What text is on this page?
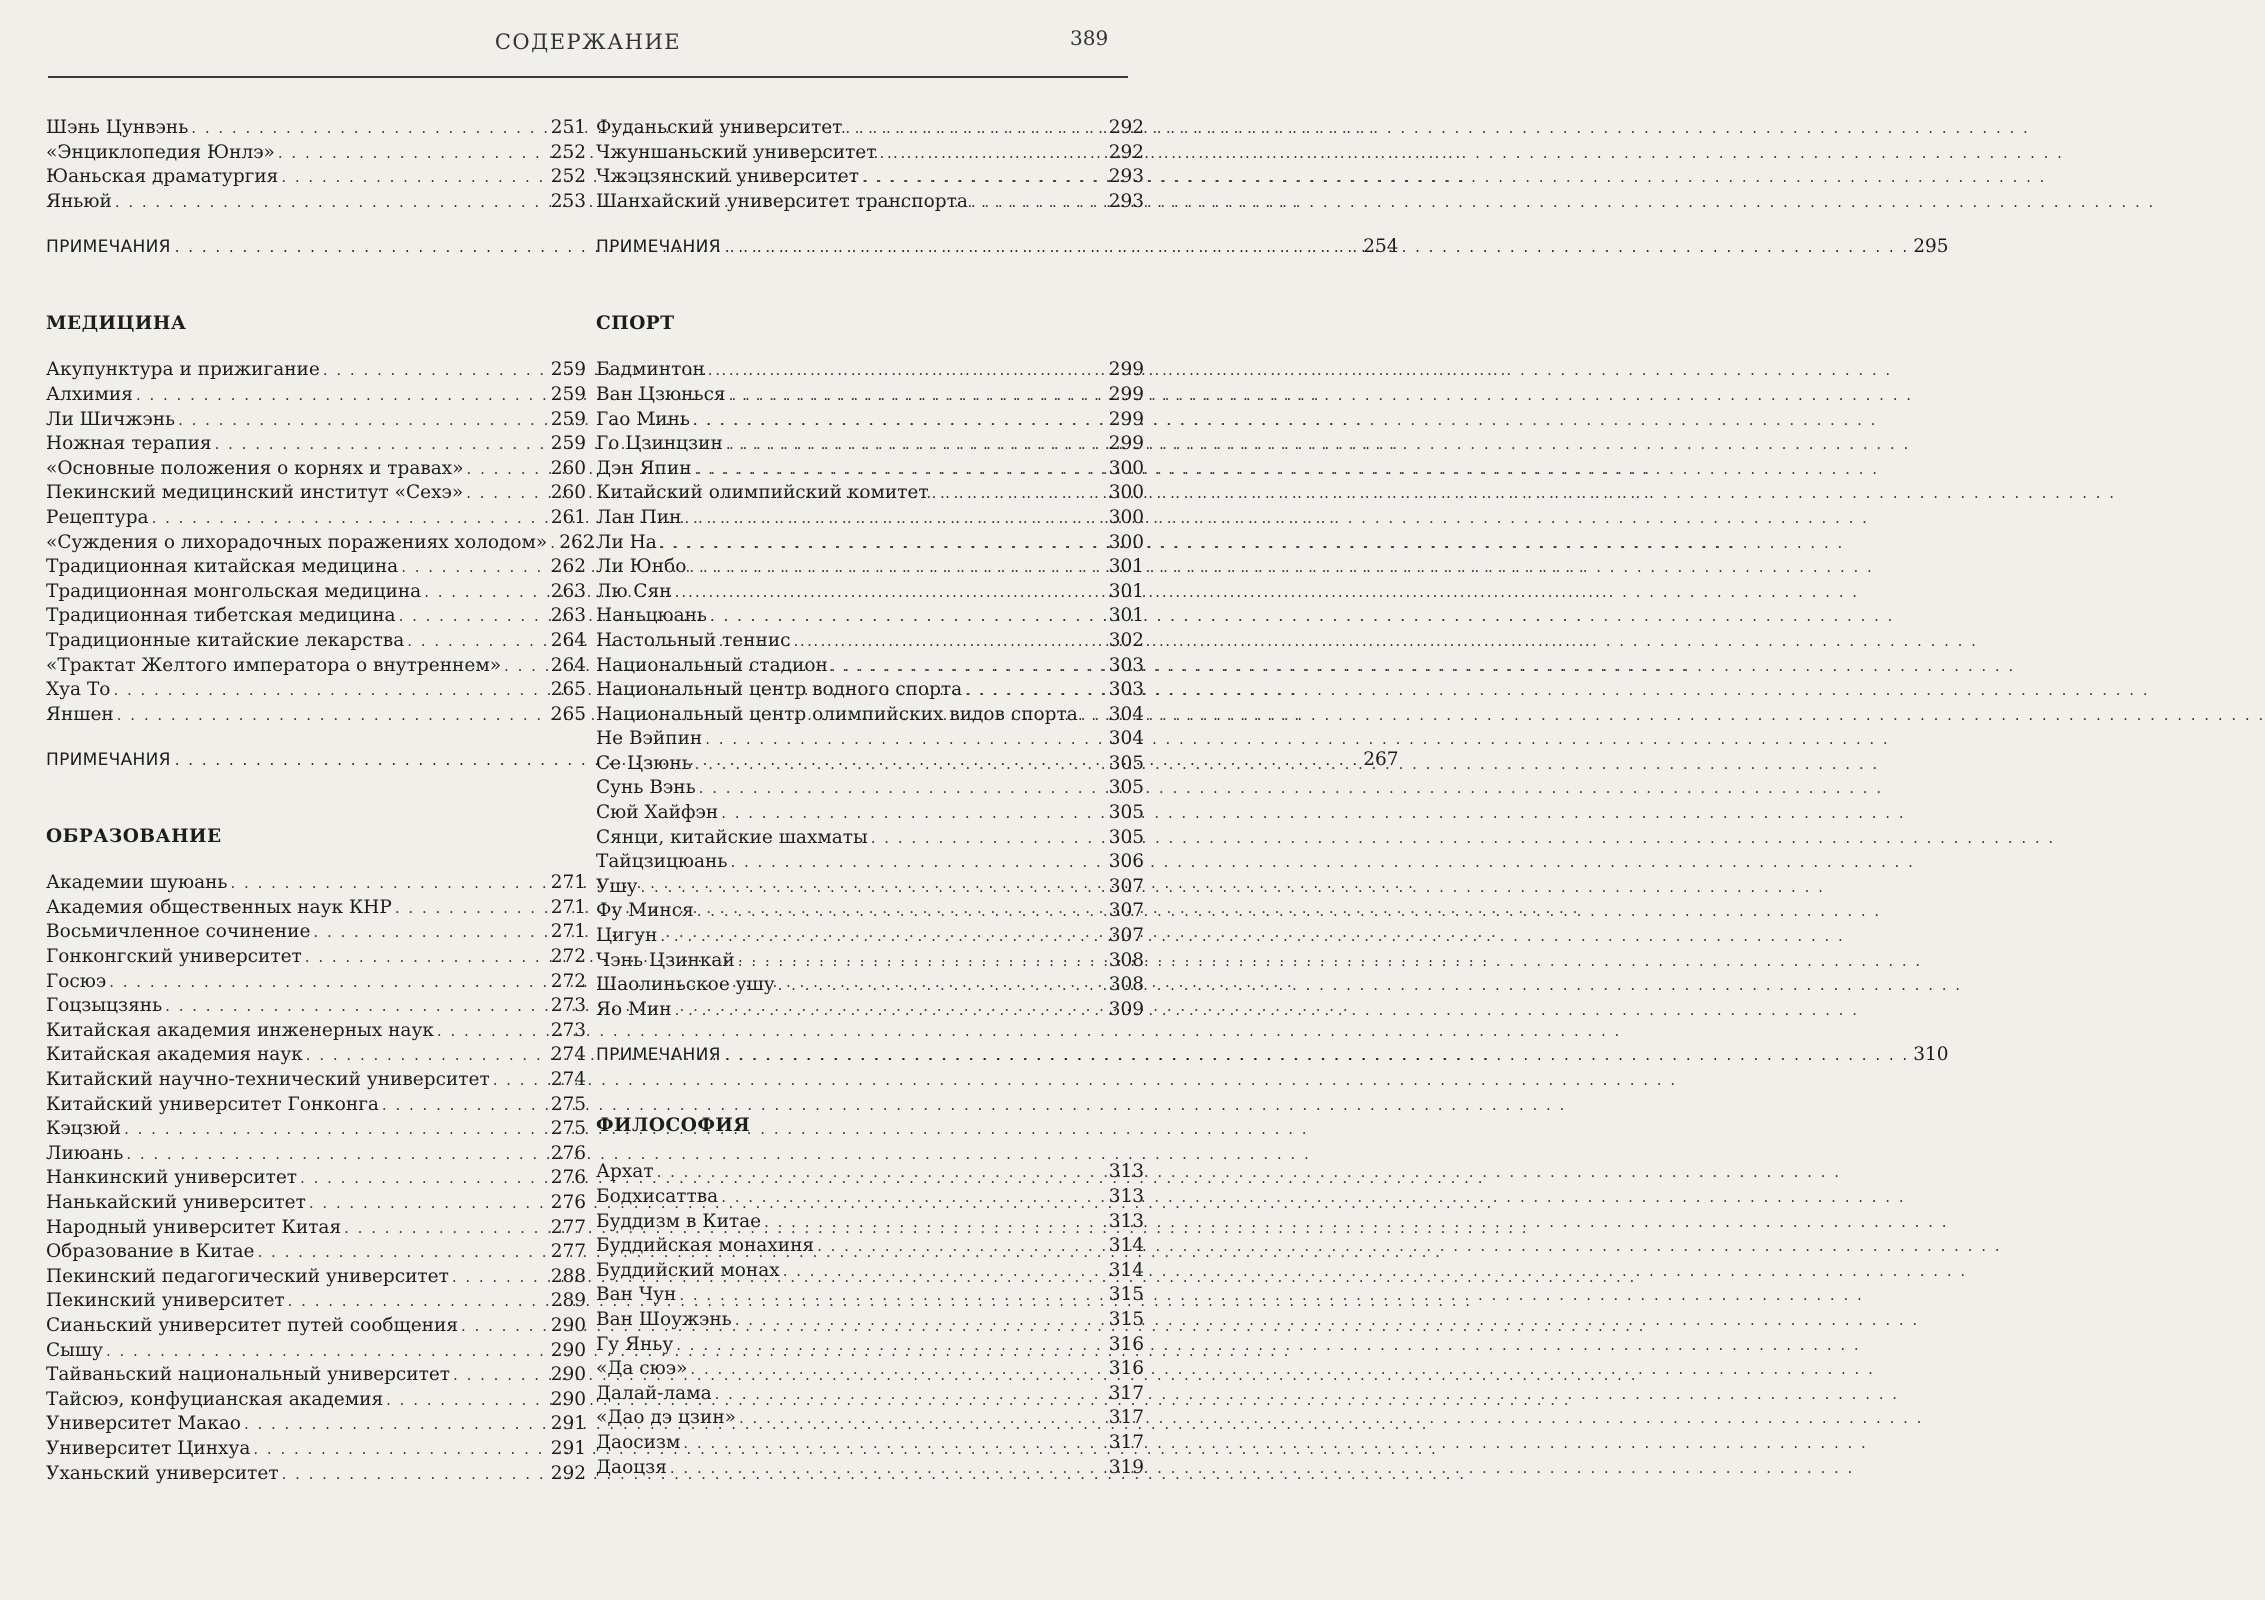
СОДЕРЖАНИЕ	389
Шэнь Цунвэнь . . .	251
«Энциклопедия Юнлэ» . . .	252
Юаньская драматургия . . .	252
Яньюй . . .	253
ПРИМЕЧАНИЯ . . .	254
МЕДИЦИНА
Акупунктура и прижигание . . .	259
Алхимия . . .	259
Ли Шичжэнь . . .	259
Ножная терапия . . .	259
«Основные положения о корнях и травах» . . .	260
Пекинский медицинский институт «Сехэ» . . .	260
Рецептура . . .	261
«Суждения о лихорадочных поражениях холодом» . . . 262
Традиционная китайская медицина . . .	262
Традиционная монгольская медицина . . .	263
Традиционная тибетская медицина . . .	263
Традиционные китайские лекарства . . .	264
«Трактат Желтого императора о внутреннем» . . .	264
Хуа То . . .	265
Яншен . . .	265
ПРИМЕЧАНИЯ . . .	267
ОБРАЗОВАНИЕ
Академии шуюань . . .	271
Академия общественных наук КНР . . .	271
Восьмичленное сочинение . . .	271
Гонконгский университет . . .	272
Госюэ . . .	272
Гоцзыцзянь . . .	273
Китайская академия инженерных наук . . .	273
Китайская академия наук . . .	274
Китайский научно-технический университет . . .	274
Китайский университет Гонконга . . .	275
Кэцзюй . . .	275
Лиюань . . .	276
Нанкинский университет . . .	276
Нанькайский университет . . .	276
Народный университет Китая . . .	277
Образование в Китае . . .	277
Пекинский педагогический университет . . .	288
Пекинский университет . . .	289
Сианьский университет путей сообщения . . .	290
Сышу . . .	290
Тайваньский национальный университет . . .	290
Тайсюэ, конфуцианская академия . . .	290
Университет Макао . . .	291
Университет Цинхуа . . .	291
Уханьский университет . . .	292
Фуданьский университет . . .	292
Чжуншаньский университет . . .	292
Чжэцзянский университет . . .	293
Шанхайский университет транспорта . . .	293
ПРИМЕЧАНИЯ . . .	295
СПОРТ
Бадминтон . . .	299
Ван Цзюнься . . .	299
Гао Минь . . .	299
Го Цзинцзин . . .	299
Дэн Япин . . .	300
Китайский олимпийский комитет . . .	300
Лан Пин . . .	300
Ли На . . .	300
Ли Юнбо . . .	301
Лю Сян . . .	301
Наньцюань . . .	301
Настольный теннис . . .	302
Национальный стадион . . .	303
Национальный центр водного спорта . . .	303
Национальный центр олимпийских видов спорта . . . 304
Не Вэйпин . . .	304
Се Цзюнь . . .	305
Сунь Вэнь . . .	305
Сюй Хайфэн . . .	305
Сянци, китайские шахматы . . .	305
Тайцзицюань . . .	306
Ушу . . .	307
Фу Минся . . .	307
Цигун . . .	307
Чэнь Цзинкай . . .	308
Шаолиньское ушу . . .	308
Яо Мин . . .	309
ПРИМЕЧАНИЯ . . .	310
ФИЛОСОФИЯ
Архат . . .	313
Бодхисаттва . . .	313
Буддизм в Китае . . .	313
Буддийская монахиня . . .	314
Буддийский монах . . .	314
Ван Чун . . .	315
Ван Шоужэнь . . .	315
Гу Яньу . . .	316
«Да сюэ» . . .	316
Далай-лама . . .	317
«Дао дэ цзин» . . .	317
Даосизм . . .	317
Даоцзя . . .	319
